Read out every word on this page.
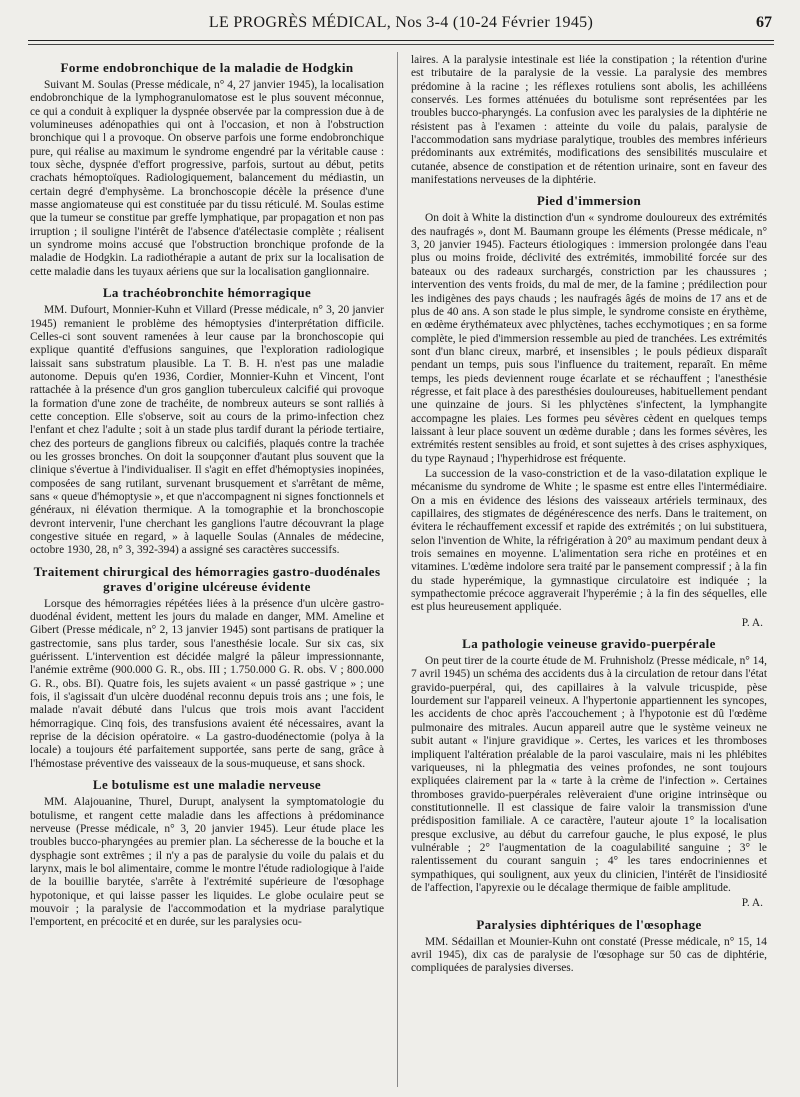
LE PROGRÈS MÉDICAL, Nos 3-4 (10-24 Février 1945)	67
Forme endobronchique de la maladie de Hodgkin

Suivant M. Soulas (Presse médicale, n° 4, 27 janvier 1945), la localisation endobronchique de la lymphogranulomatose est le plus souvent méconnue, ce qui a conduit à expliquer la dyspnée observée par la compression due à de volumineuses adénopathies qui ont à l'occasion, et non à l'obstruction bronchique qui l a provoque. On observe parfois une forme endobronchique pure, qui réalise au maximum le syndrome engendré par la véritable cause : toux sèche, dyspnée d'effort progressive, parfois, surtout au début, petits crachats hémoptoïques. Radiologiquement, balancement du médiastin, un certain degré d'emphysème. La bronchoscopie décèle la présence d'une masse angiomateuse qui est constituée par du tissu réticulé. M. Soulas estime que la tumeur se constitue par greffe lymphatique, par propagation et non pas irruption ; il souligne l'intérêt de l'absence d'atélectasie complète ; réalisent un syndrome moins accusé que l'obstruction bronchique profonde de la maladie de Hodgkin. La radiothérapie a autant de prix sur la localisation de cette maladie dans les tuyaux aériens que sur la localisation ganglionnaire.

La trachéobronchite hémorragique

MM. Dufourt, Monnier-Kuhn et Villard (Presse médicale, n° 3, 20 janvier 1945) remanient le problème des hémoptysies d'interprétation difficile. Celles-ci sont souvent ramenées à leur cause par la bronchoscopie qui explique quantité d'effusions sanguines, que l'exploration radiologique laissait sans substratum plausible. La T. B. H. n'est pas une maladie autonome. Depuis qu'en 1936, Cordier, Monnier-Kuhn et Vincent, l'ont rattachée à la présence d'un gros ganglion tuberculeux calcifié qui provoque la formation d'une zone de trachéite, de nombreux auteurs se sont ralliés à cette conception. Elle s'observe, soit au cours de la primo-infection chez l'enfant et chez l'adulte ; soit à un stade plus tardif durant la période tertiaire, chez des porteurs de ganglions fibreux ou calcifiés, plaqués contre la trachée ou les grosses bronches. On doit la soupçonner d'autant plus souvent que la clinique s'évertue à l'individualiser. Il s'agit en effet d'hémoptysies inopinées, composées de sang rutilant, survenant brusquement et s'arrêtant de même, sans « queue d'hémoptysie », et que n'accompagnent ni signes fonctionnels et généraux, ni élévation thermique. A la tomographie et la bronchoscopie devront intervenir, l'une cherchant les ganglions l'autre découvrant la plage congestive située en regard, » à laquelle Soulas (Annales de médecine, octobre 1930, 28, n° 3, 392-394) a assigné ses caractères successifs.

Traitement chirurgical des hémorragies gastro-duodénales graves d'origine ulcéreuse évidente

Lorsque des hémorragies répétées liées à la présence d'un ulcère gastro-duodénal évident, mettent les jours du malade en danger, MM. Ameline et Gibert (Presse médicale, n° 2, 13 janvier 1945) sont partisans de pratiquer la gastrectomie, sans plus tarder, sous l'anesthésie locale. Sur six cas, six guérissent. L'intervention est décidée malgré la pâleur impressionnante, l'anémie extrême (900.000 G. R., obs. III ; 1.750.000 G. R. obs. V ; 800.000 G. R., obs. BI). Quatre fois, les sujets avaient « un passé gastrique » ; une fois, il s'agissait d'un ulcère duodénal reconnu depuis trois ans ; une fois, le malade n'avait débuté dans l'ulcus que trois mois avant l'accident hémorragique. Cinq fois, des transfusions avaient été nécessaires, avant la reprise de la décision opératoire. « La gastro-duodénectomie (polya à la locale) a toujours été parfaitement supportée, sans perte de sang, grâce à l'hémostase préventive des vaisseaux de la sous-muqueuse, et sans shock.

Le botulisme est une maladie nerveuse

MM. Alajouanine, Thurel, Durupt, analysent la symptomatologie du botulisme, et rangent cette maladie dans les affections à prédominance nerveuse (Presse médicale, n° 3, 20 janvier 1945). Leur étude place les troubles bucco-pharyngées au premier plan. La sécheresse de la bouche et la dysphagie sont extrêmes ; il n'y a pas de paralysie du voile du palais et du larynx, mais le bol alimentaire, comme le montre l'étude radiologique à l'aide de la bouillie barytée, s'arrête à l'extrémité supérieure de l'œsophage hypotonique, et qui laisse passer les liquides. Le globe oculaire peut se mouvoir ; la paralysie de l'accommodation et la mydriase paralytique l'emportent, en précocité et en durée, sur les paralysies ocu-

laires. A la paralysie intestinale est liée la constipation ; la rétention d'urine est tributaire de la paralysie de la vessie. La paralysie des membres prédomine à la racine ; les réflexes rotuliens sont abolis, les achilléens conservés. Les formes atténuées du botulisme sont représentées par les troubles bucco-pharyngés. La confusion avec les paralysies de la diphtérie ne résistent pas à l'examen : atteinte du voile du palais, paralysie de l'accommodation sans mydriase paralytique, troubles des membres inférieurs prédominants aux extrémités, modifications des sensibilités musculaire et cutanée, absence de constipation et de rétention urinaire, sont en faveur des manifestations nerveuses de la diphtérie.

Pied d'immersion

On doit à White la distinction d'un « syndrome douloureux des extrémités des naufragés », dont M. Baumann groupe les éléments (Presse médicale, n° 3, 20 janvier 1945). Facteurs étiologiques : immersion prolongée dans l'eau plus ou moins froide, déclivité des extrémités, immobilité forcée sur des bateaux ou des radeaux surchargés, constriction par les chaussures ; intervention des vents froids, du mal de mer, de la famine ; prédilection pour les indigènes des pays chauds ; les naufragés âgés de moins de 17 ans et de plus de 40 ans. A son stade le plus simple, le syndrome consiste en érythème, en œdème érythémateux avec phlyctènes, taches ecchymotiques ; en sa forme complète, le pied d'immersion ressemble au pied de tranchées. Les extrémités sont d'un blanc cireux, marbré, et insensibles ; le pouls pédieux disparaît pendant un temps, puis sous l'influence du traitement, reparaît. En même temps, les pieds deviennent rouge écarlate et se réchauffent ; l'anesthésie régresse, et fait place à des paresthésies douloureuses, habituellement pendant une quinzaine de jours. Si les phlyctènes s'infectent, la lymphangite accompagne les plaies. Les formes peu sévères cèdent en quelques temps laissant à leur place souvent un œdème durable ; dans les formes sévères, les extrémités restent sensibles au froid, et sont sujettes à des crises asphyxiques, du type Raynaud ; l'hyperhidrose est fréquente.

La succession de la vaso-constriction et de la vaso-dilatation explique le mécanisme du syndrome de White ; le spasme est entre elles l'intermédiaire. On a mis en évidence des lésions des vaisseaux artériels terminaux, des capillaires, des stigmates de dégénérescence des nerfs. Dans le traitement, on évitera le réchauffement excessif et rapide des extrémités ; on lui substituera, selon l'invention de White, la réfrigération à 20° au maximum pendant deux à trois semaines en moyenne. L'alimentation sera riche en protéines et en vitamines. L'œdème indolore sera traité par le pansement compressif ; à la fin du stade hyperémique, la gymnastique circulatoire est indiquée ; la sympathectomie précoce aggraverait l'hyperémie ; à la fin des séquelles, elle est plus heureusement appliquée.

P. A.
La pathologie veineuse gravido-puerpérale

On peut tirer de la courte étude de M. Fruhnisholz (Presse médicale, n° 14, 7 avril 1945) un schéma des accidents dus à la circulation de retour dans l'état gravido-puerpéral, qui, des capillaires à la valvule tricuspide, pèse lourdement sur l'appareil veineux. A l'hypertonie appartiennent les syncopes, les accidents de choc après l'accouchement ; à l'hypotonie est dû l'œdème pulmonaire des mitrales. Aucun appareil autre que le système veineux ne subit autant « l'injure gravidique ». Certes, les varices et les thromboses impliquent l'altération préalable de la paroi vasculaire, mais ni les phlébites variqueuses, ni la phlegmatia des veines profondes, ne sont toujours expliquées clairement par la « tarte à la crème de l'infection ». Certaines thromboses gravido-puerpérales relèveraient d'une origine intrinsèque ou constitutionnelle. Il est classique de faire valoir la transmission d'une prédisposition familiale. A ce caractère, l'auteur ajoute 1° la localisation presque exclusive, au début du carrefour gauche, le plus exposé, le plus vulnérable ; 2° l'augmentation de la coagulabilité sanguine ; 3° le ralentissement du courant sanguin ; 4° les tares endocriniennes et sympathiques, qui soulignent, aux yeux du clinicien, l'intérêt de l'insidiosité de l'affection, l'apyrexie ou le décalage thermique de faible amplitude.

P. A.
Paralysies diphtériques de l'œsophage

MM. Sédaillan et Mounier-Kuhn ont constaté (Presse médicale, n° 15, 14 avril 1945), dix cas de paralysie de l'œsophage sur 50 cas de diphtérie, compliquées de paralysies diverses.
